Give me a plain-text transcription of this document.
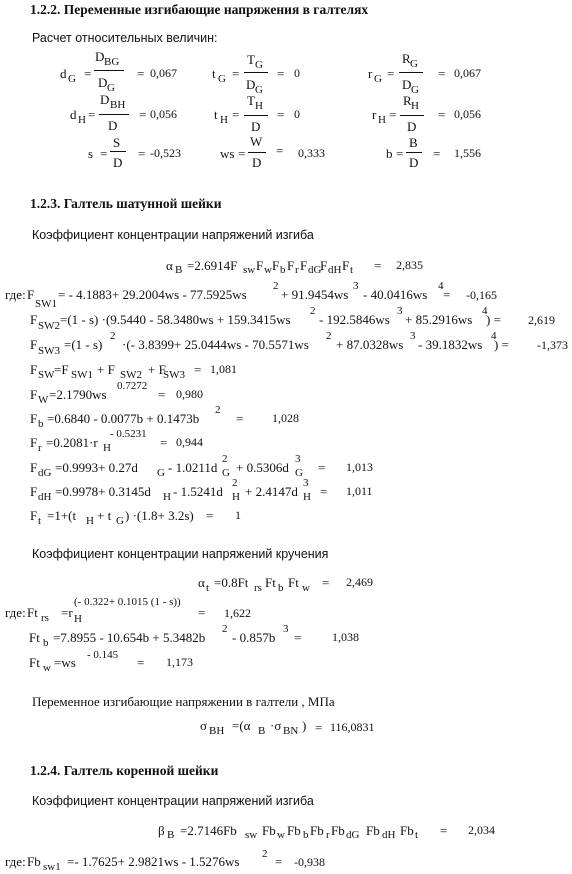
1.2.2. Переменные изгибающие напряжения в галтелях
Расчет относительных величин:
d G =
D BG
D G
= 0,067	t G =
T G
D G
= 0	r G =
R G
D G
= 0,067
d H =
D BH
D
= 0,056	t H =
T H
D
= 0	r H =
R H
D
= 0,056
s =
S
D
= -0,523	ws =
W
D
= 0,333	b =
B
D
= 1,556
1.2.3. Галтель шатунной шейки
Коэффициент концентрации напряжений изгиба
α B =2.6914F sw F w F b F r F dG
F dH F t = 2,835
где: F
SW1
= - 4.1883+ 29.2004ws - 77.5925ws
2
+ 91.9454ws
3
- 40.0416ws
4
= -0,165
F SW2 =(1 - s) ·(9.5440 - 58.3480ws + 159.3415ws
2
- 192.5846ws
3
+ 85.2916ws
4
) = 2,619
F SW3 =(1 - s)
2
·(- 3.8399+ 25.0444ws - 70.5571ws
2
+ 87.0328ws
3
- 39.1832ws
4
) = -1,373
F SW =F SW1 + F SW2 + F
SW3 = 1,081
F W =2.1790ws
0.7272
= 0,980
F b =0.6840 - 0.0077b + 0.1473b
2
= 1,028
F r =0.2081·r H
- 0.5231
= 0,944
F dG =0.9993+ 0.27d G - 1.0211d
2
G + 0.5306d
3
G = 1,013
F dH =0.9978+ 0.3145d H - 1.5241d
2
H + 2.4147d
3
H = 1,011
F t =1+(t H + t G ) ·(1.8+ 3.2s) = 1
Коэффициент концентрации напряжений кручения
α t =0.8Ft rs Ft b Ft w = 2,469
где: Ft rs =r H
(- 0.322+ 0.1015 (1 - s))
= 1,622
Ft b =7.8955 - 10.654b + 5.3482b
2
- 0.857b
3
=	1,038
Ft w =ws - 0.145 = 1,173
Переменное изгибающие напряжении в галтели , МПа
σ BH =(α B ·σ BN ) = 116,0831
1.2.4. Галтель коренной шейки
Коэффициент концентрации напряжений изгиба
β B =2.7146Fb sw Fb w Fb b Fb r Fb dG Fb dH Fb t = 2,034
где: Fb sw1 =- 1.7625+ 2.9821ws - 1.5276ws 2 = -0,938
